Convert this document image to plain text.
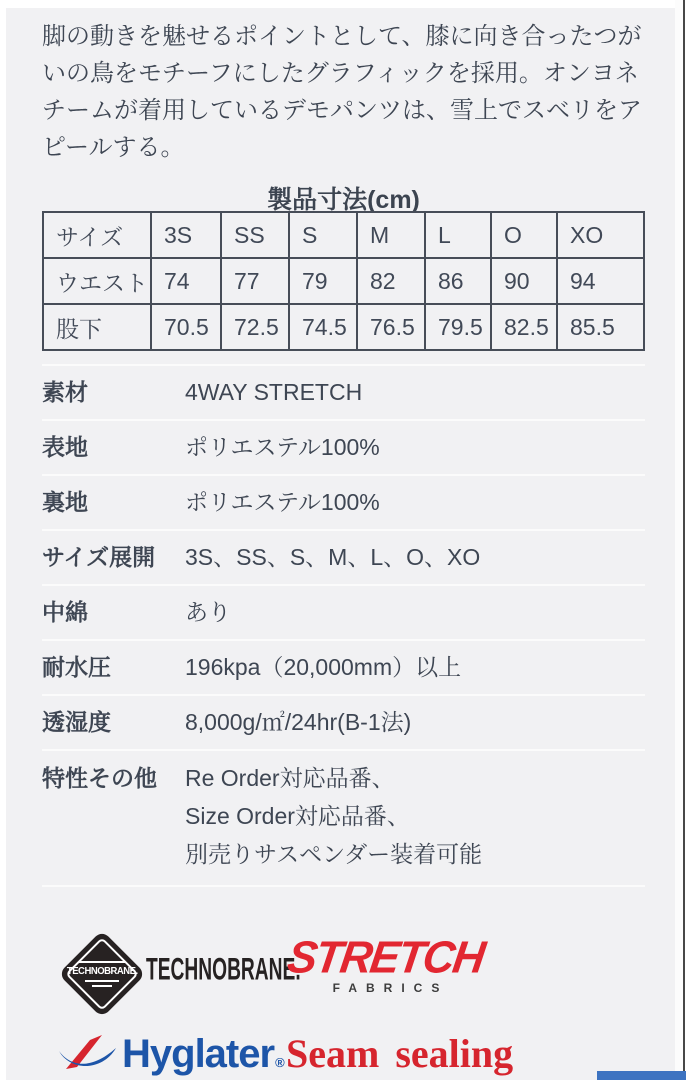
脚の動きを魅せるポイントとして、膝に向き合ったつがいの鳥をモチーフにしたグラフィックを採用。オンヨネチームが着用しているデモパンツは、雪上でスベリをアピールする。
製品寸法(cm)
サイズ	3S	SS	S	M	L	O	XO
ウエスト	74	77	79	82	86	90	94
股下	70.5	72.5	74.5	76.5	79.5	82.5	85.5
素材	4WAY STRETCH
表地	ポリエステル100%
裏地	ポリエステル100%
サイズ展開	3S、SS、S、M、L、O、XO
中綿	あり
耐水圧	196kpa（20,000mm）以上
透湿度	8,000g/㎡/24hr(B-1法)
特性その他	Re Order対応品番、
Size Order対応品番、
別売りサスペンダー装着可能
TECHNOBRANE. TECHNOBRANE.
STRETCH
FABRICS
Hyglater ® Seam sealing
